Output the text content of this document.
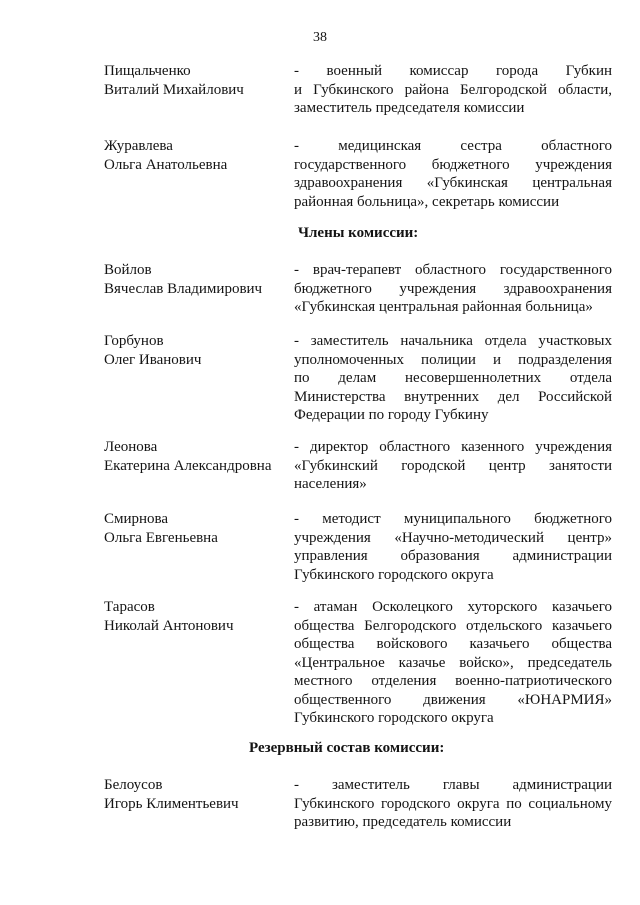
38
Пищальченко
Виталий Михайлович
- военный комиссар города Губкин
и Губкинского района Белгородской области,
заместитель председателя комиссии
Журавлева
Ольга Анатольевна
- медицинская сестра областного
государственного бюджетного учреждения
здравоохранения «Губкинская центральная
районная больница», секретарь комиссии
Члены комиссии:
Войлов
Вячеслав Владимирович
- врач-терапевт областного государственного
бюджетного учреждения здравоохранения
«Губкинская центральная районная больница»
Горбунов
Олег Иванович
- заместитель начальника отдела участковых
уполномоченных полиции и подразделения
по делам несовершеннолетних отдела
Министерства внутренних дел Российской
Федерации по городу Губкину
Леонова
Екатерина Александровна
- директор областного казенного учреждения
«Губкинский городской центр занятости
населения»
Смирнова
Ольга Евгеньевна
- методист муниципального бюджетного
учреждения «Научно-методический центр»
управления образования администрации
Губкинского городского округа
Тарасов
Николай Антонович
- атаман Осколецкого хуторского казачьего
общества Белгородского отдельского казачьего
общества войскового казачьего общества
«Центральное казачье войско», председатель
местного отделения военно-патриотического
общественного движения «ЮНАРМИЯ»
Губкинского городского округа
Резервный состав комиссии:
Белоусов
Игорь Климентьевич
- заместитель главы администрации
Губкинского городского округа по социальному
развитию, председатель комиссии
